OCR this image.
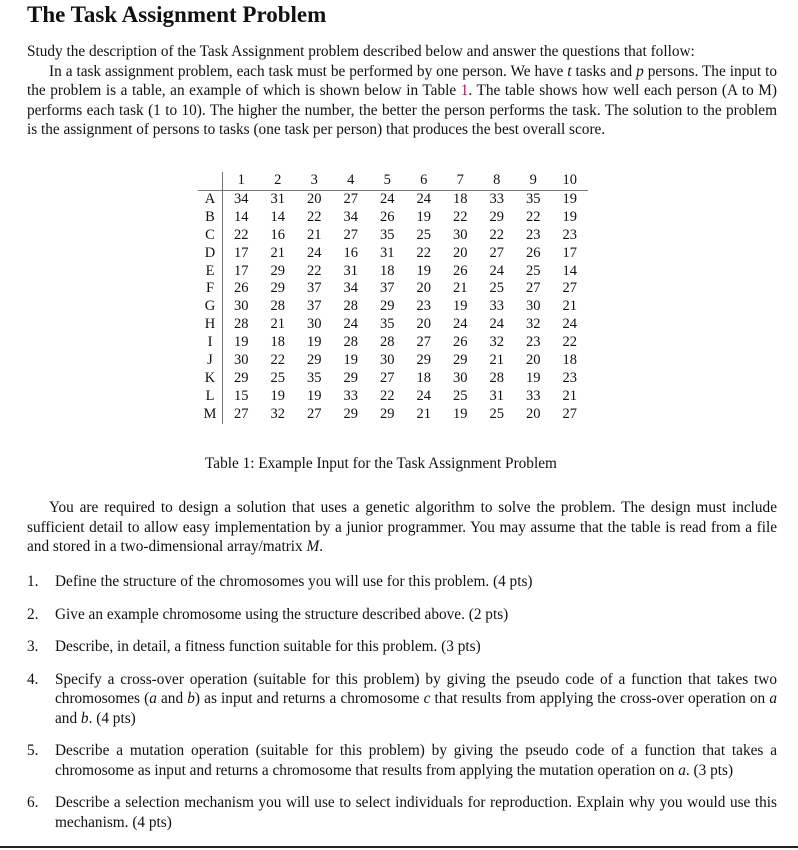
The Task Assignment Problem
Study the description of the Task Assignment problem described below and answer the questions that follow:
In a task assignment problem, each task must be performed by one person. We have t tasks and p persons. The input to the problem is a table, an example of which is shown below in Table 1. The table shows how well each person (A to M) performs each task (1 to 10). The higher the number, the better the person performs the task. The solution to the problem is the assignment of persons to tasks (one task per person) that produces the best overall score.
	1	2	3	4	5	6	7	8	9	10
A	34	31	20	27	24	24	18	33	35	19
B	14	14	22	34	26	19	22	29	22	19
C	22	16	21	27	35	25	30	22	23	23
D	17	21	24	16	31	22	20	27	26	17
E	17	29	22	31	18	19	26	24	25	14
F	26	29	37	34	37	20	21	25	27	27
G	30	28	37	28	29	23	19	33	30	21
H	28	21	30	24	35	20	24	24	32	24
I	19	18	19	28	28	27	26	32	23	22
J	30	22	29	19	30	29	29	21	20	18
K	29	25	35	29	27	18	30	28	19	23
L	15	19	19	33	22	24	25	31	33	21
M	27	32	27	29	29	21	19	25	20	27
Table 1: Example Input for the Task Assignment Problem
You are required to design a solution that uses a genetic algorithm to solve the problem. The design must include sufficient detail to allow easy implementation by a junior programmer. You may assume that the table is read from a file and stored in a two-dimensional array/matrix M.
1. Define the structure of the chromosomes you will use for this problem. (4 pts)
2. Give an example chromosome using the structure described above. (2 pts)
3. Describe, in detail, a fitness function suitable for this problem. (3 pts)
4. Specify a cross-over operation (suitable for this problem) by giving the pseudo code of a function that takes two chromosomes (a and b) as input and returns a chromosome c that results from applying the cross-over operation on a and b. (4 pts)
5. Describe a mutation operation (suitable for this problem) by giving the pseudo code of a function that takes a chromosome as input and returns a chromosome that results from applying the mutation operation on a. (3 pts)
6. Describe a selection mechanism you will use to select individuals for reproduction. Explain why you would use this mechanism. (4 pts)
